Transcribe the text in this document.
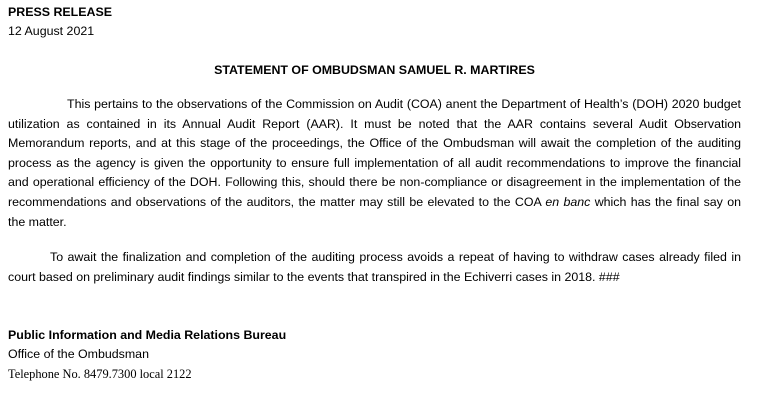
PRESS RELEASE
12 August 2021
STATEMENT OF OMBUDSMAN SAMUEL R. MARTIRES

This pertains to the observations of the Commission on Audit (COA) anent the Department of Health’s (DOH) 2020 budget utilization as contained in its Annual Audit Report (AAR). It must be noted that the AAR contains several Audit Observation Memorandum reports, and at this stage of the proceedings, the Office of the Ombudsman will await the completion of the auditing process as the agency is given the opportunity to ensure full implementation of all audit recommendations to improve the financial and operational efficiency of the DOH. Following this, should there be non-compliance or disagreement in the implementation of the recommendations and observations of the auditors, the matter may still be elevated to the COA en banc which has the final say on the matter.

To await the finalization and completion of the auditing process avoids a repeat of having to withdraw cases already filed in court based on preliminary audit findings similar to the events that transpired in the Echiverri cases in 2018. ###

Public Information and Media Relations Bureau
Office of the Ombudsman
Telephone No. 8479.7300 local 2122
